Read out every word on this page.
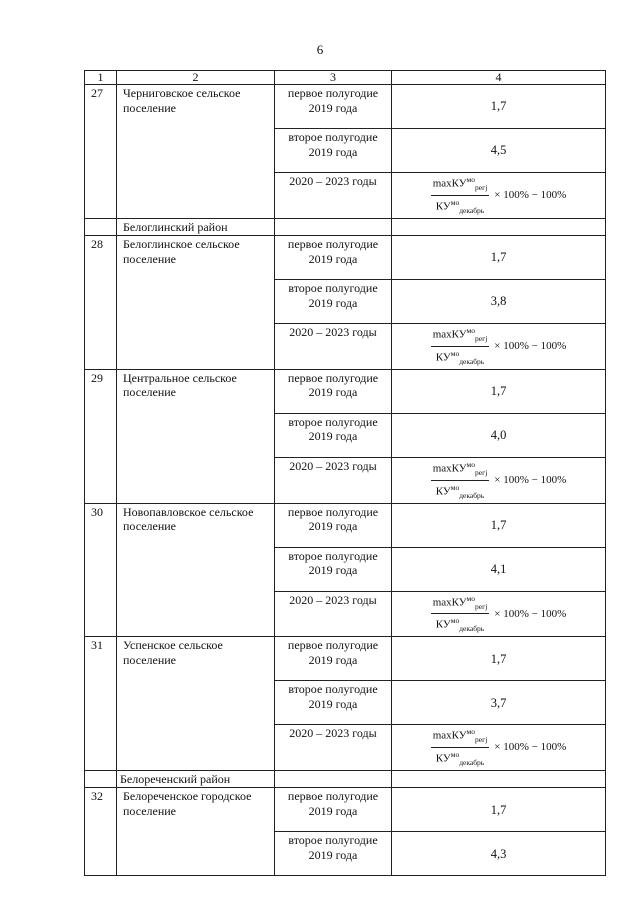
6
1	2	3	4
27	Черниговское сельское поселение	первое полугодие 2019 года	1,7
		второе полугодие 2019 года	4,5
		2020 – 2023 годы	$\frac{\max КУ^{мо}_{регj}}{КУ^{мо}_{декабрь}} \times 100\% - 100\%$

	Белоглинский район		
28	Белоглинское сельское поселение	первое полугодие 2019 года	1,7
		второе полугодие 2019 года	3,8
		2020 – 2023 годы	$\frac{\max КУ^{мо}_{регj}}{КУ^{мо}_{декабрь}} \times 100\% - 100\%$

29	Центральное сельское поселение	первое полугодие 2019 года	1,7
		второе полугодие 2019 года	4,0
		2020 – 2023 годы	$\frac{\max КУ^{мо}_{регj}}{КУ^{мо}_{декабрь}} \times 100\% - 100\%$

30	Новопавловское сельское поселение	первое полугодие 2019 года	1,7
		второе полугодие 2019 года	4,1
		2020 – 2023 годы	$\frac{\max КУ^{мо}_{регj}}{КУ^{мо}_{декабрь}} \times 100\% - 100\%$

31	Успенское сельское поселение	первое полугодие 2019 года	1,7
		второе полугодие 2019 года	3,7
		2020 – 2023 годы	$\frac{\max КУ^{мо}_{регj}}{КУ^{мо}_{декабрь}} \times 100\% - 100\%$

	Белореченский район		
32	Белореченское городское поселение	первое полугодие 2019 года	1,7
		второе полугодие 2019 года	4,3
